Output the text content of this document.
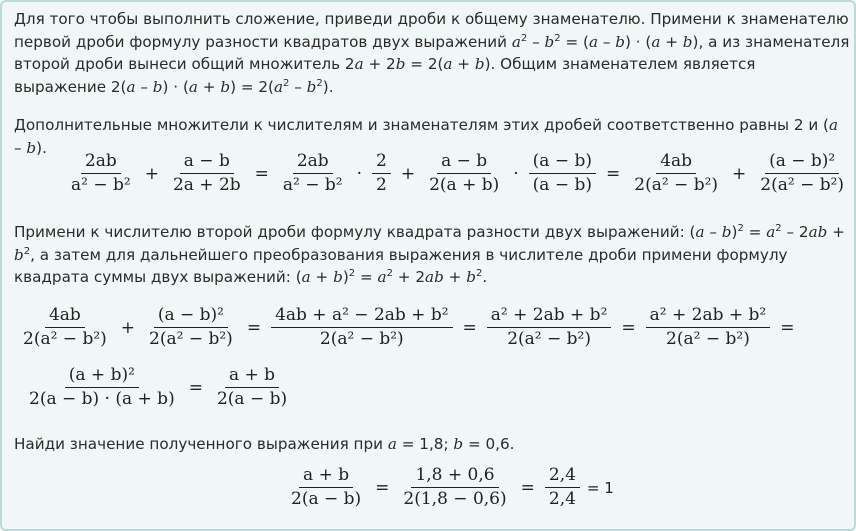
Для того чтобы выполнить сложение, приведи дроби к общему знаменателю. Примени к знаменателю первой дроби формулу разности квадратов двух выражений $a^2 - b^2 = (a - b) \cdot (a + b)$, а из знаменателя второй дроби вынеси общий множитель 2a + 2b = 2(a + b). Общим знаменателем является выражение $2(a - b) \cdot (a + b) = 2(a^2 - b^2)$.
Дополнительные множители к числителям и знаменателям этих дробей соответственно равны 2 и (a – b).
$\frac{2ab}{\text{a² − b²}} + \frac{a - b}{2a + 2b} = \frac{2ab}{\text{a² − b²}} \cdot \frac{2}{2} + \frac{a - b}{2(a + b)} \cdot \frac{(a - b)}{(a - b)} = \frac{4ab}{\text{2(a² − b²)}} + \frac{\text{(a − b)²}}{\text{2(a² − b²)}}$
Примени к числителю второй дроби формулу квадрата разности двух выражений: $(a - b)^2 = a^2 - 2ab + b^2$, а затем для дальнейшего преобразования выражения в числителе дроби примени формулу квадрата суммы двух выражений: $(a + b)^2 = a^2 + 2ab + b^2$.
$\frac{4ab}{\text{2(a² − b²)}} + \frac{\text{(a − b)²}}{\text{2(a² − b²)}} = \frac{\text{4ab + a² − 2ab + b²}}{\text{2(a² − b²)}} = \frac{\text{a² + 2ab + b²}}{\text{2(a² − b²)}} = \frac{\text{a² + 2ab + b²}}{\text{2(a² − b²)}}$ =
$\frac{\text{(a + b)²}}{2(a - b) \cdot (a + b)} = \frac{a + b}{2(a - b)}$
Найди значение полученного выражения при a = 1,8; b = 0,6.
$\frac{a + b}{2(a - b)} = \frac{1,8 + 0,6}{2(1,8 - 0,6)} = \frac{2,4}{2,4} = 1$
